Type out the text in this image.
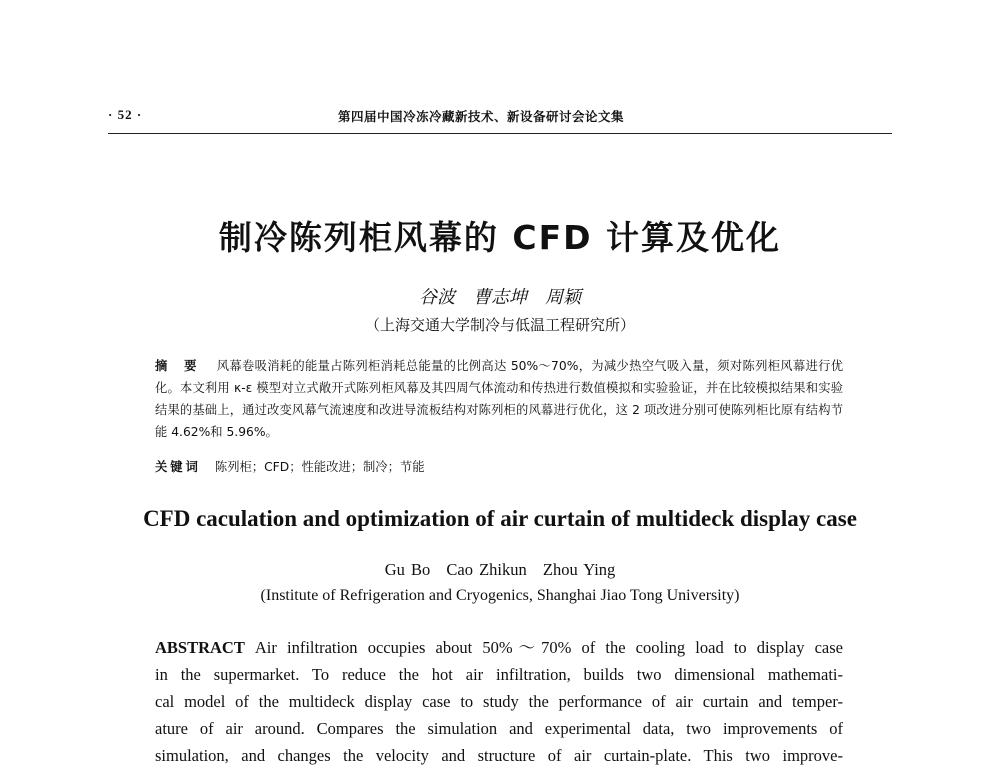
· 52 ·	第四届中国冷冻冷藏新技术、新设备研讨会论文集
制冷陈列柜风幕的 CFD 计算及优化
谷波　曹志坤　周颖
（上海交通大学制冷与低温工程研究所）
摘 要 风幕卷吸消耗的能量占陈列柜消耗总能量的比例高达 50%～70%，为减少热空气吸入量，须对陈列柜风幕进行优化。本文利用 κ-ε 模型对立式敞开式陈列柜风幕及其四周气体流动和传热进行数值模拟和实验验证，并在比较模拟结果和实验结果的基础上，通过改变风幕气流速度和改进导流板结构对陈列柜的风幕进行优化，这 2 项改进分别可使陈列柜比原有结构节能 4.62%和 5.96%。
关键词 陈列柜；CFD；性能改进；制冷；节能
CFD caculation and optimization of air curtain of multideck display case
Gu Bo Cao Zhikun Zhou Ying
(Institute of Refrigeration and Cryogenics, Shanghai Jiao Tong University)
ABSTRACT Air infiltration occupies about 50%～70% of the cooling load to display case
in the supermarket. To reduce the hot air infiltration, builds two dimensional mathemati-
cal model of the multideck display case to study the performance of air curtain and temper-
ature of air around. Compares the simulation and experimental data, two improvements of
simulation, and changes the velocity and structure of air curtain-plate. This two improve-
